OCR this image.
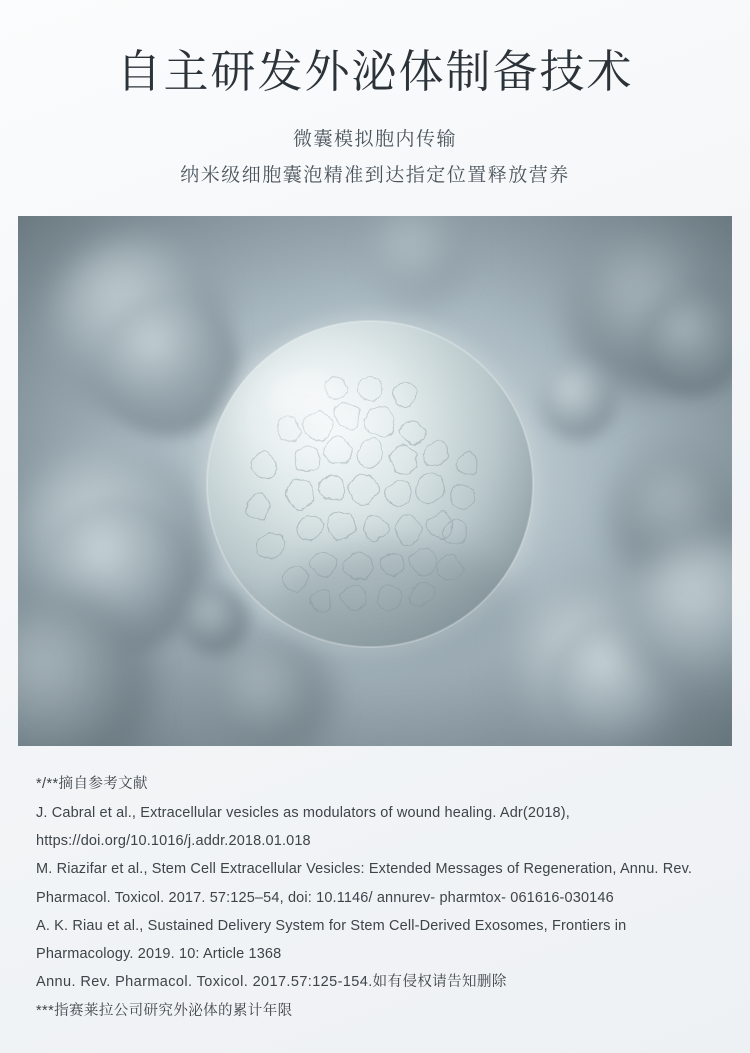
自主研发外泌体制备技术

微囊模拟胞内传输

纳米级细胞囊泡精准到达指定位置释放营养

*/**摘自参考文献
J. Cabral et al., Extracellular vesicles as modulators of wound healing. Adr(2018),
https://doi.org/10.1016/j.addr.2018.01.018
M. Riazifar et al., Stem Cell Extracellular Vesicles: Extended Messages of Regeneration, Annu. Rev.
Pharmacol. Toxicol. 2017. 57:125–54, doi: 10.1146/ annurev- pharmtox- 061616-030146
A. K. Riau et al., Sustained Delivery System for Stem Cell-Derived Exosomes, Frontiers in
Pharmacology. 2019. 10: Article 1368
Annu. Rev. Pharmacol. Toxicol. 2017.57:125-154.如有侵权请告知删除
***指赛莱拉公司研究外泌体的累计年限
